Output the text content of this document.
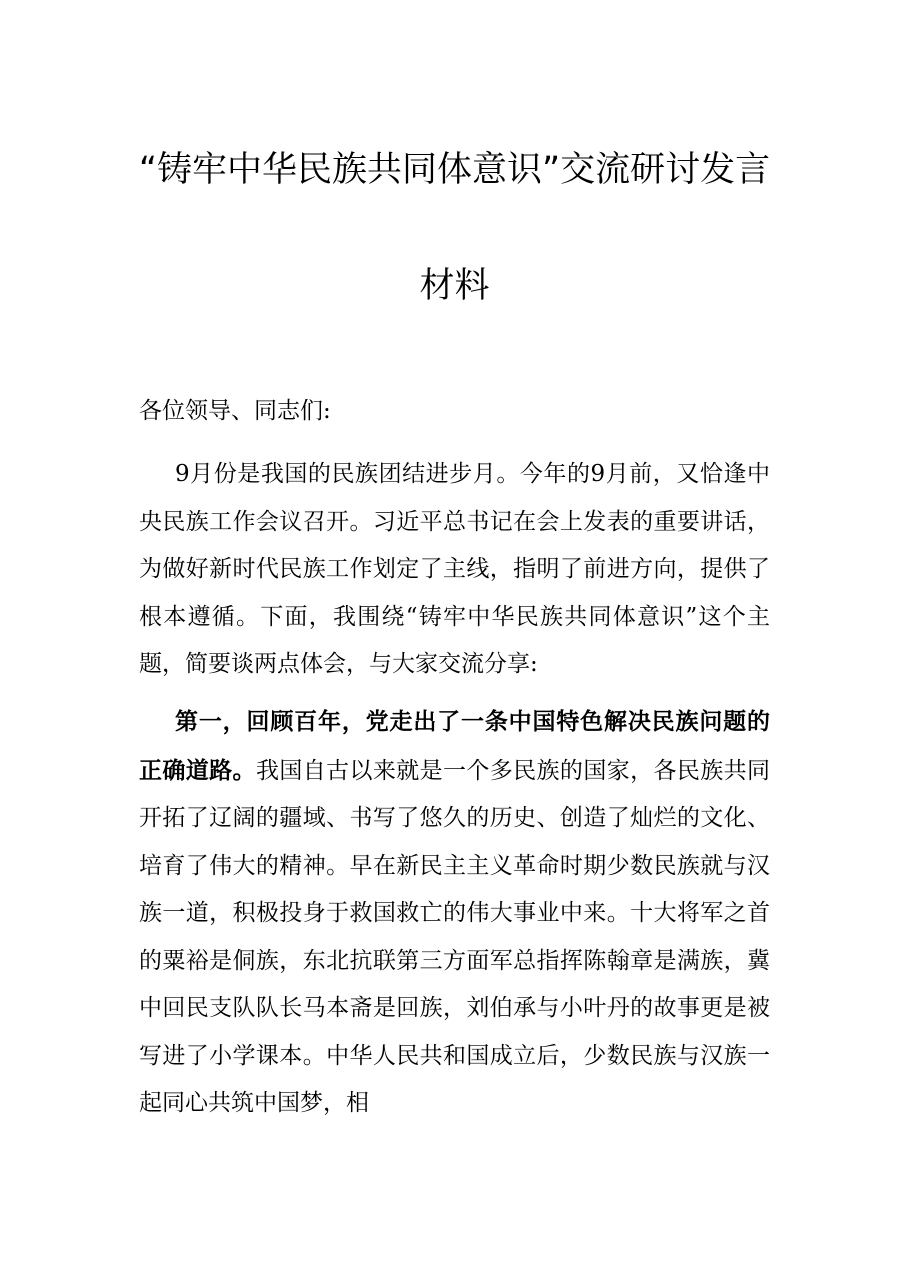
“铸牢中华民族共同体意识”交流研讨发言
材料
各位领导、同志们:
9月份是我国的民族团结进步月。今年的9月前，又恰逢中央民族工作会议召开。习近平总书记在会上发表的重要讲话，为做好新时代民族工作划定了主线，指明了前进方向，提供了根本遵循。下面，我围绕“铸牢中华民族共同体意识”这个主题，简要谈两点体会，与大家交流分享:
第一，回顾百年，党走出了一条中国特色解决民族问题的正确道路。我国自古以来就是一个多民族的国家，各民族共同开拓了辽阔的疆域、书写了悠久的历史、创造了灿烂的文化、培育了伟大的精神。早在新民主主义革命时期少数民族就与汉族一道，积极投身于救国救亡的伟大事业中来。十大将军之首的粟裕是侗族，东北抗联第三方面军总指挥陈翰章是满族，冀中回民支队队长马本斋是回族，刘伯承与小叶丹的故事更是被写进了小学课本。中华人民共和国成立后，少数民族与汉族一起同心共筑中国梦，相
